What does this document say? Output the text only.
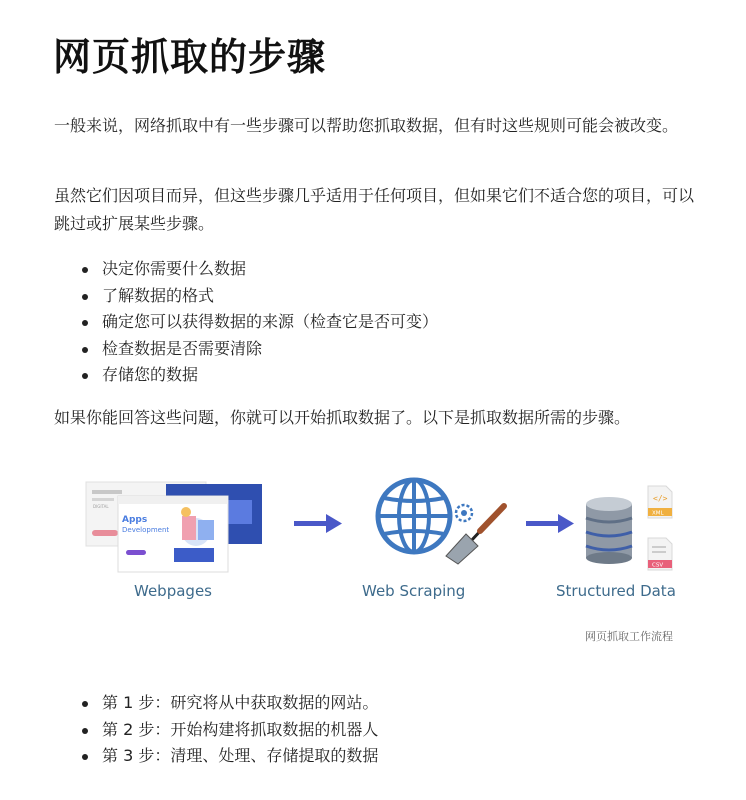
网页抓取的步骤

一般来说，网络抓取中有一些步骤可以帮助您抓取数据，但有时这些规则可能会被改变。

虽然它们因项目而异，但这些步骤几乎适用于任何项目，但如果它们不适合您的项目，可以跳过或扩展某些步骤。

决定你需要什么数据
了解数据的格式
确定您可以获得数据的来源（检查它是否可变）
检查数据是否需要清除
存储您的数据

如果你能回答这些问题，你就可以开始抓取数据了。以下是抓取数据所需的步骤。

DIGITAL
Apps
Development
</>
XML
CSV
Webpages	Web Scraping	Structured Data
网页抓取工作流程
第 1 步：研究将从中获取数据的网站。
第 2 步：开始构建将抓取数据的机器人
第 3 步：清理、处理、存储提取的数据
